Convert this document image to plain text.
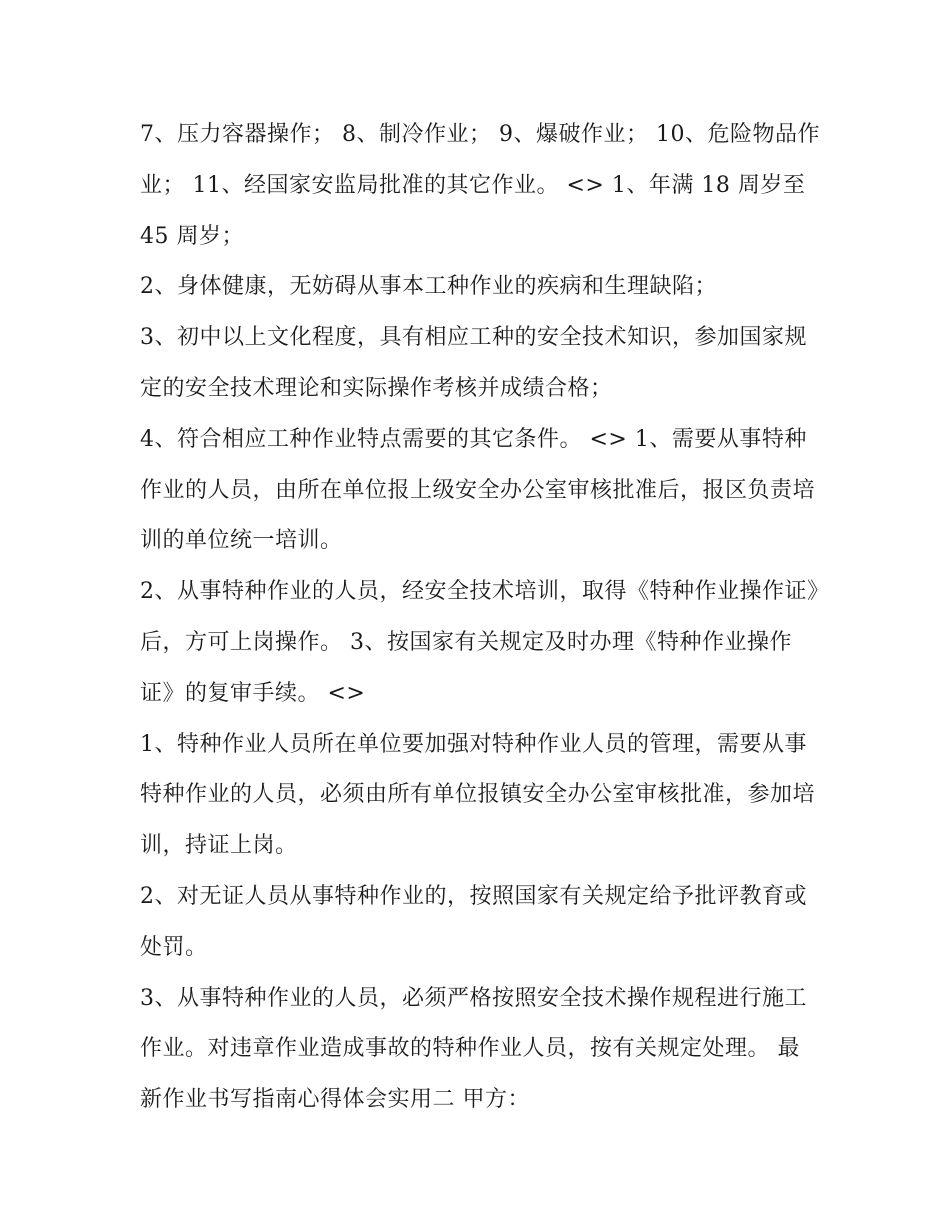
7、压力容器操作； 8、制冷作业； 9、爆破作业； 10、危险物品作业； 11、经国家安监局批准的其它作业。 <> 1、年满 18 周岁至 45 周岁；

2、身体健康，无妨碍从事本工种作业的疾病和生理缺陷；

3、初中以上文化程度，具有相应工种的安全技术知识，参加国家规定的安全技术理论和实际操作考核并成绩合格；

4、符合相应工种作业特点需要的其它条件。 <> 1、需要从事特种作业的人员，由所在单位报上级安全办公室审核批准后，报区负责培训的单位统一培训。

2、从事特种作业的人员，经安全技术培训，取得《特种作业操作证》后，方可上岗操作。 3、按国家有关规定及时办理《特种作业操作证》的复审手续。 <>

1、特种作业人员所在单位要加强对特种作业人员的管理，需要从事特种作业的人员，必须由所有单位报镇安全办公室审核批准，参加培训，持证上岗。

2、对无证人员从事特种作业的，按照国家有关规定给予批评教育或处罚。

3、从事特种作业的人员，必须严格按照安全技术操作规程进行施工作业。对违章作业造成事故的特种作业人员，按有关规定处理。 最新作业书写指南心得体会实用二 甲方：
